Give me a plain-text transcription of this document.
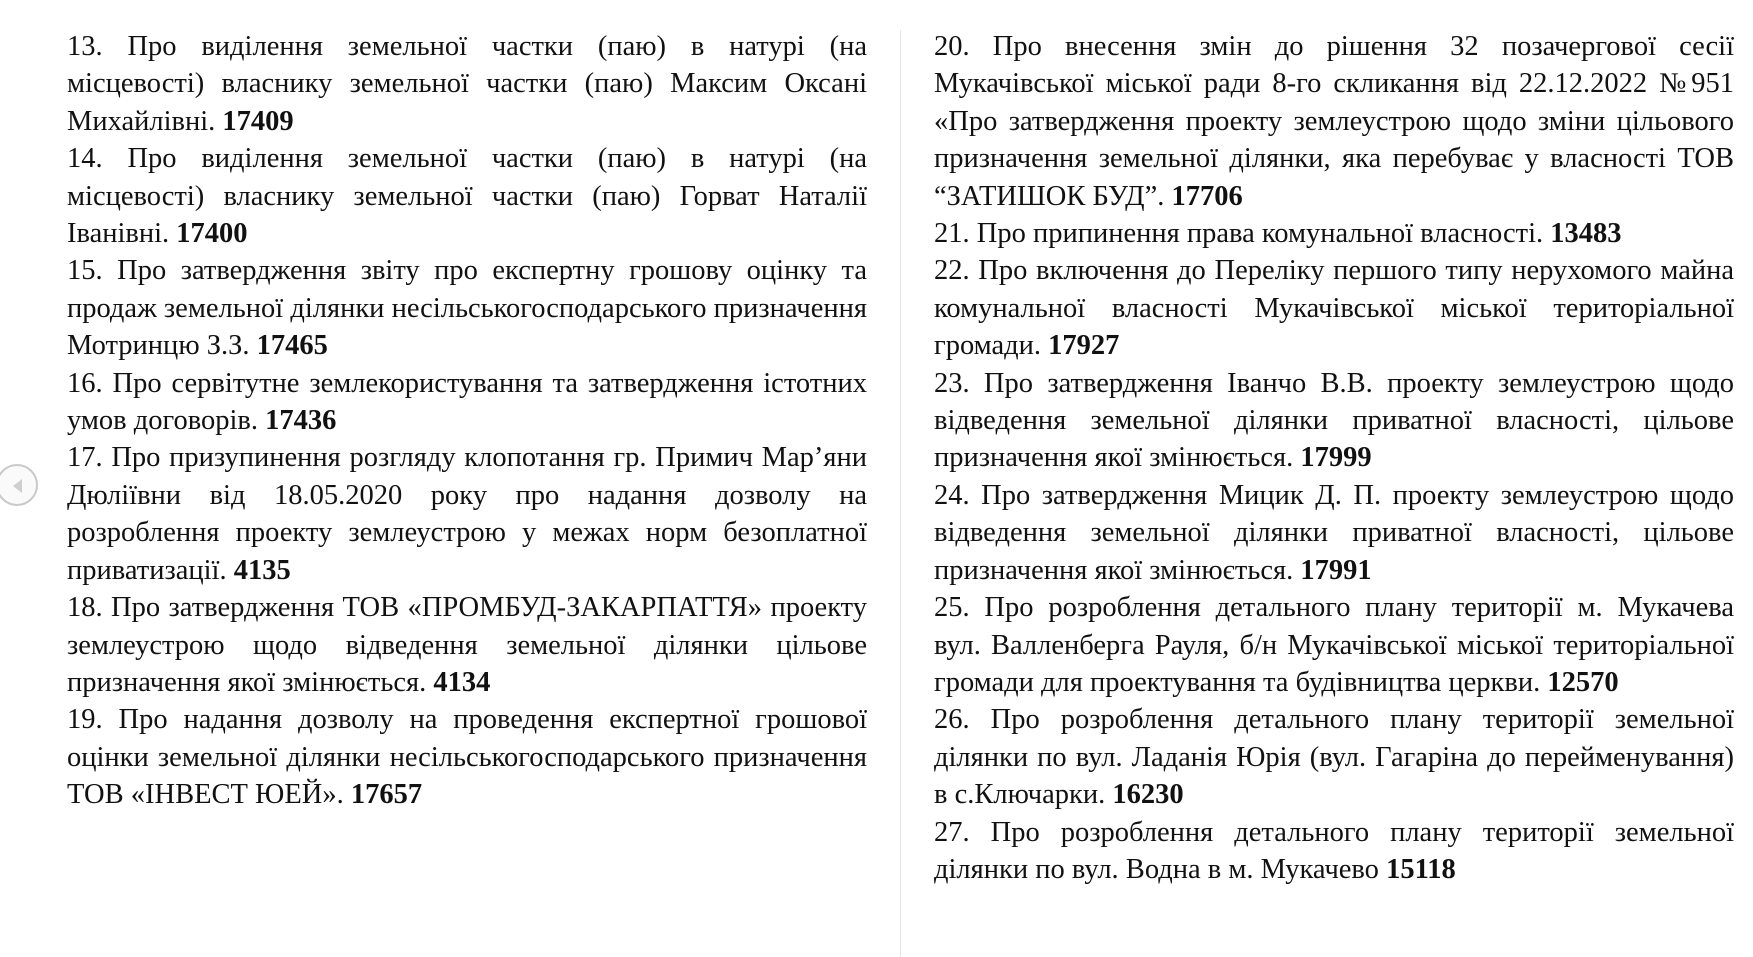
13. Про виділення земельної частки (паю) в натурі (на місцевості) власнику земельної частки (паю) Максим Оксані Михайлівні. 17409

14. Про виділення земельної частки (паю) в натурі (на місцевості) власнику земельної частки (паю) Горват Наталії Іванівні. 17400

15. Про затвердження звіту про експертну грошову оцінку та продаж земельної ділянки несільськогосподарського призначення Мотринцю З.З. 17465

16. Про сервітутне землекористування та затвердження істотних умов договорів. 17436

17. Про призупинення розгляду клопотання гр. Примич Мар’яни Дюліївни від 18.05.2020 року про надання дозволу на розроблення проекту землеустрою у межах норм безоплатної приватизації. 4135

18. Про затвердження ТОВ «ПРОМБУД-ЗАКАРПАТТЯ» проекту землеустрою щодо відведення земельної ділянки цільове призначення якої змінюється. 4134

19. Про надання дозволу на проведення експертної грошової оцінки земельної ділянки несільськогосподарського призначення ТОВ «ІНВЕСТ ЮЕЙ». 17657

20. Про внесення змін до рішення 32 позачергової сесії Мукачівської міської ради 8-го скликання від 22.12.2022 №951 «Про затвердження проекту землеустрою щодо зміни цільового призначення земельної ділянки, яка перебуває у власності ТОВ “ЗАТИШОК БУД”. 17706

21. Про припинення права комунальної власності. 13483

22. Про включення до Переліку першого типу нерухомого майна комунальної власності Мукачівської міської територіальної громади. 17927

23. Про затвердження Іванчо В.В. проекту землеустрою щодо відведення земельної ділянки приватної власності, цільове призначення якої змінюється. 17999

24. Про затвердження Мицик Д. П. проекту землеустрою щодо відведення земельної ділянки приватної власності, цільове призначення якої змінюється. 17991

25. Про розроблення детального плану території м. Мукачева вул. Валленберга Рауля, б/н Мукачівської міської територіальної громади для проектування та будівництва церкви. 12570

26. Про розроблення детального плану території земельної ділянки по вул. Ладанія Юрія (вул. Гагаріна до перейменування) в с.Ключарки. 16230

27. Про розроблення детального плану території земельної ділянки по вул. Водна в м. Мукачево 15118
